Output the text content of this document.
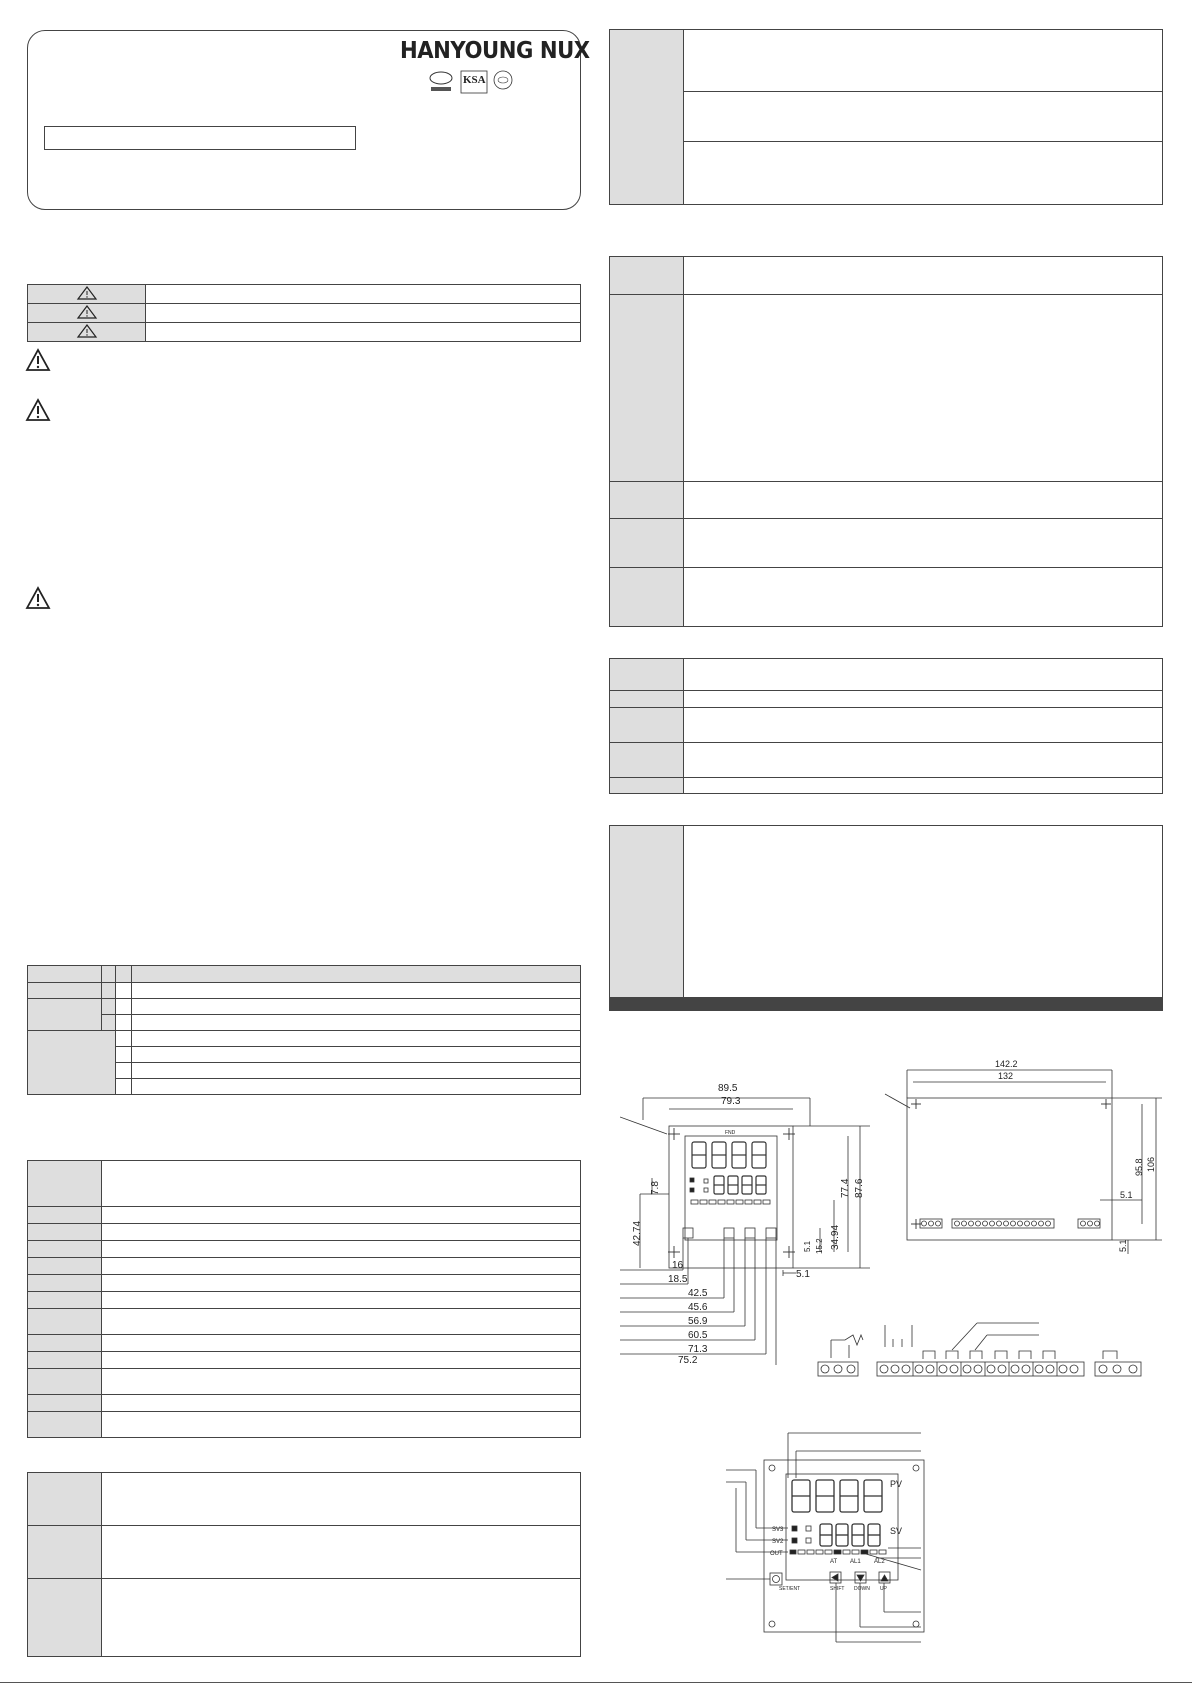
HANYOUNG NUX
KSA

89.5
79.3
FND
42.74
7.8	87.6
77.4
34.94
15.2
5.1
5.1
16
18.5
42.5
45.6
56.9
60.5
71.3
75.2
142.2
132
95.8 106
5.1
5.1
PV
SV
SV3
SV2
OUT
AT AL1 AL2
SET/ENT	SHIFT DOWN UP
